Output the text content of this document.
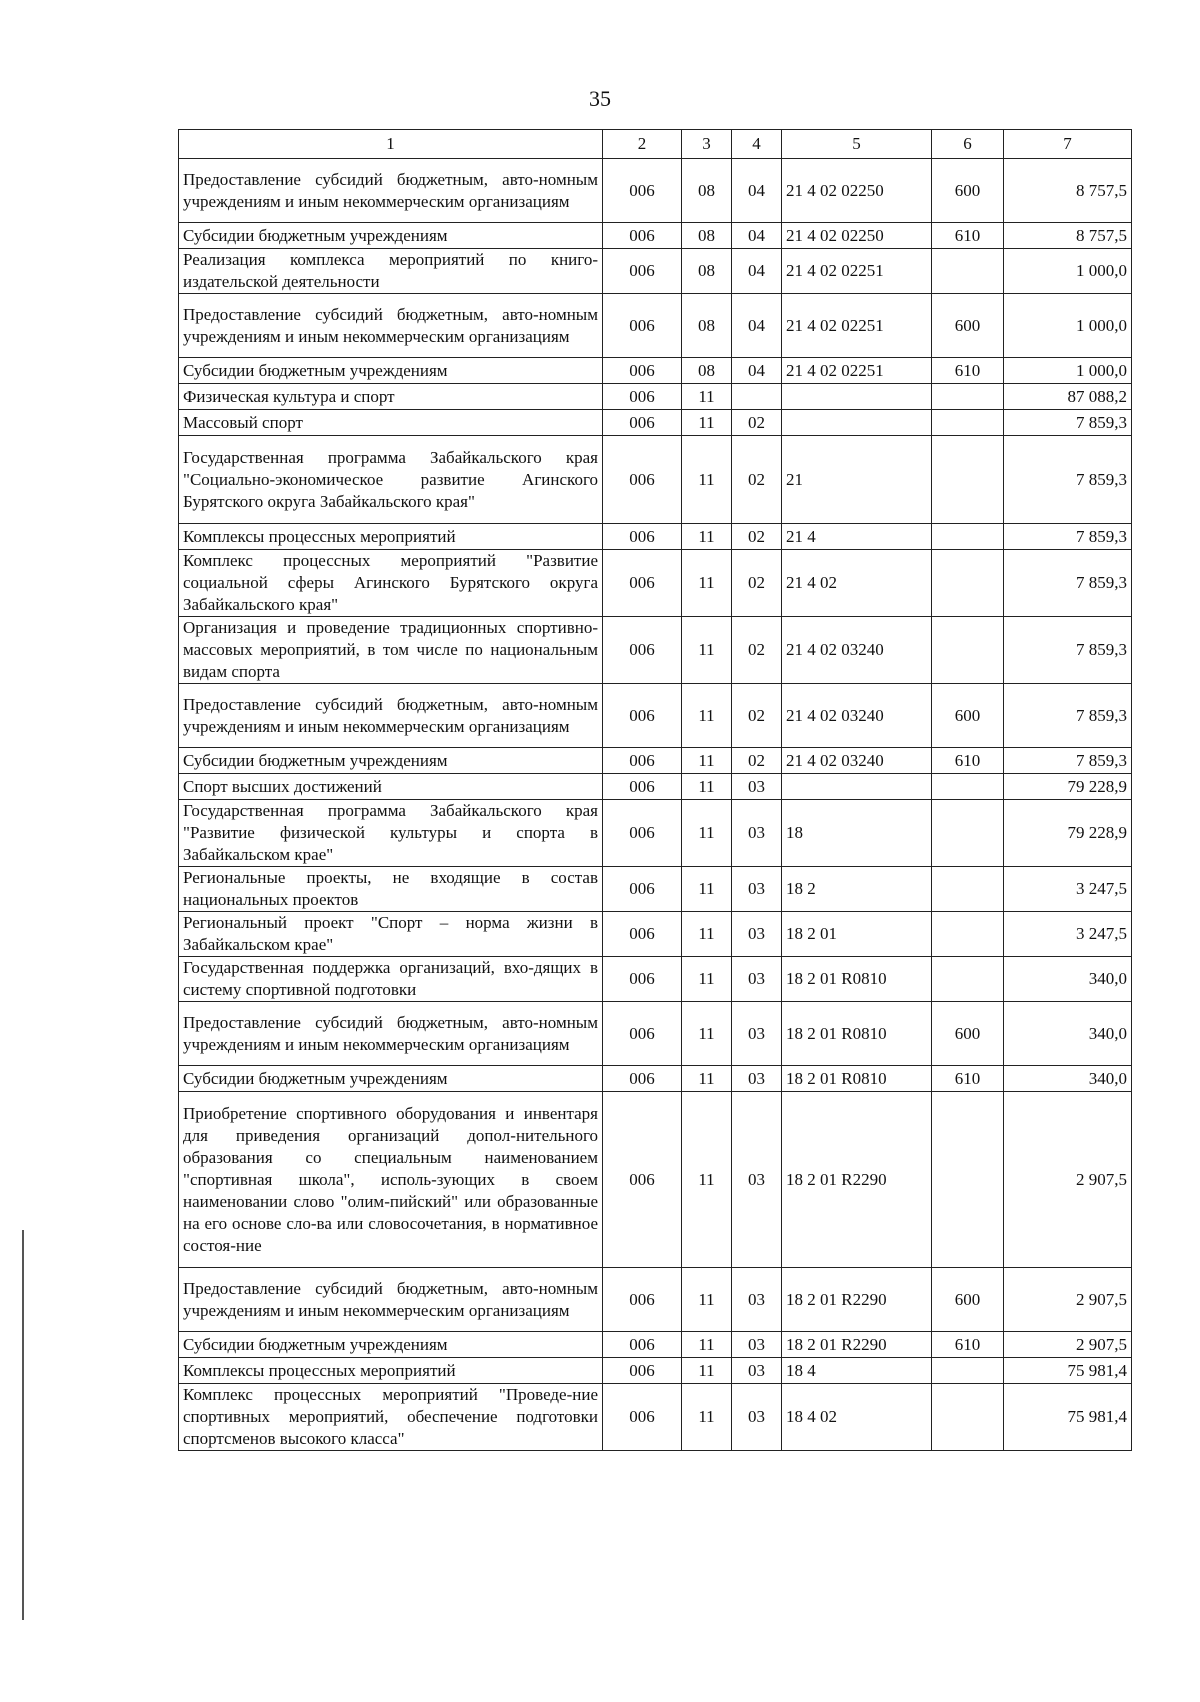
35
1	2	3	4	5	6	7
Предоставление субсидий бюджетным, авто-номным учреждениям и иным некоммерческим организациям	006	08	04	21 4 02 02250	600	8 757,5
Субсидии бюджетным учреждениям	006	08	04	21 4 02 02250	610	8 757,5
Реализация комплекса мероприятий по книго-издательской деятельности	006	08	04	21 4 02 02251		1 000,0
Предоставление субсидий бюджетным, авто-номным учреждениям и иным некоммерческим организациям	006	08	04	21 4 02 02251	600	1 000,0
Субсидии бюджетным учреждениям	006	08	04	21 4 02 02251	610	1 000,0
Физическая культура и спорт	006	11				87 088,2
Массовый спорт	006	11	02			7 859,3
Государственная программа Забайкальского края "Социально-экономическое развитие Агинского Бурятского округа Забайкальского края"	006	11	02	21		7 859,3
Комплексы процессных мероприятий	006	11	02	21 4		7 859,3
Комплекс процессных мероприятий "Развитие социальной сферы Агинского Бурятского округа Забайкальского края"	006	11	02	21 4 02		7 859,3
Организация и проведение традиционных спортивно-массовых мероприятий, в том числе по национальным видам спорта	006	11	02	21 4 02 03240		7 859,3
Предоставление субсидий бюджетным, авто-номным учреждениям и иным некоммерческим организациям	006	11	02	21 4 02 03240	600	7 859,3
Субсидии бюджетным учреждениям	006	11	02	21 4 02 03240	610	7 859,3
Спорт высших достижений	006	11	03			79 228,9
Государственная программа Забайкальского края "Развитие физической культуры и спорта в Забайкальском крае"	006	11	03	18		79 228,9
Региональные проекты, не входящие в состав национальных проектов	006	11	03	18 2		3 247,5
Региональный проект "Спорт – норма жизни в Забайкальском крае"	006	11	03	18 2 01		3 247,5
Государственная поддержка организаций, вхо-дящих в систему спортивной подготовки	006	11	03	18 2 01 R0810		340,0
Предоставление субсидий бюджетным, авто-номным учреждениям и иным некоммерческим организациям	006	11	03	18 2 01 R0810	600	340,0
Субсидии бюджетным учреждениям	006	11	03	18 2 01 R0810	610	340,0
Приобретение спортивного оборудования и инвентаря для приведения организаций допол-нительного образования со специальным наименованием "спортивная школа", исполь-зующих в своем наименовании слово "олим-пийский" или образованные на его основе сло-ва или словосочетания, в нормативное состоя-ние	006	11	03	18 2 01 R2290		2 907,5
Предоставление субсидий бюджетным, авто-номным учреждениям и иным некоммерческим организациям	006	11	03	18 2 01 R2290	600	2 907,5
Субсидии бюджетным учреждениям	006	11	03	18 2 01 R2290	610	2 907,5
Комплексы процессных мероприятий	006	11	03	18 4		75 981,4
Комплекс процессных мероприятий "Проведе-ние спортивных мероприятий, обеспечение подготовки спортсменов высокого класса"	006	11	03	18 4 02		75 981,4
